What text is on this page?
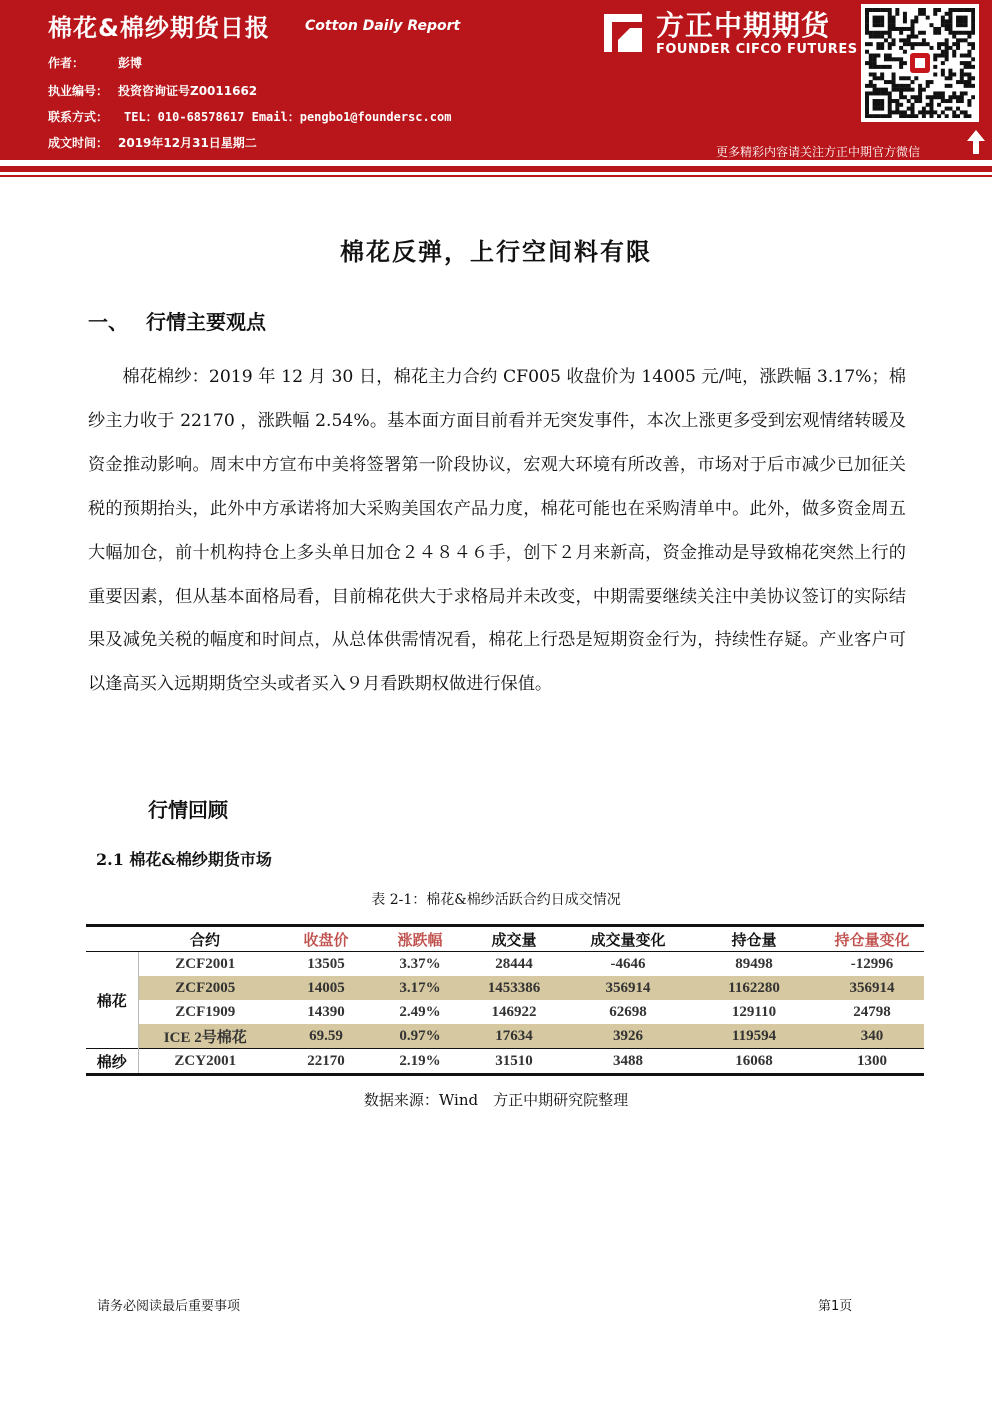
棉花&棉纱期货日报	Cotton Daily Report
作者：	彭博
执业编号： 投资咨询证号Z0011662
联系方式： TEL：010-68578617 Email：pengbo1@foundersc.com
成文时间： 2019年12月31日星期二
方正中期期货
FOUNDER CIFCO FUTURES
更多精彩内容请关注方正中期官方微信
棉花反弹，上行空间料有限
一、 行情主要观点

棉花棉纱：2019 年 12 月 30 日，棉花主力合约 CF005 收盘价为 14005 元/吨，涨跌幅 3.17%；棉纱主力收于 22170 ，涨跌幅 2.54%。基本面方面目前看并无突发事件，本次上涨更多受到宏观情绪转暖及资金推动影响。周末中方宣布中美将签署第一阶段协议，宏观大环境有所改善，市场对于后市减少已加征关税的预期抬头，此外中方承诺将加大采购美国农产品力度，棉花可能也在采购清单中。此外，做多资金周五大幅加仓，前十机构持仓上多头单日加仓２４８４６手，创下２月来新高，资金推动是导致棉花突然上行的重要因素，但从基本面格局看，目前棉花供大于求格局并未改变，中期需要继续关注中美协议签订的实际结果及减免关税的幅度和时间点，从总体供需情况看，棉花上行恐是短期资金行为，持续性存疑。产业客户可以逢高买入远期期货空头或者买入９月看跌期权做进行保值。

行情回顾
2.1 棉花&棉纱期货市场
表 2-1：棉花&棉纱活跃合约日成交情况
	合约	收盘价	涨跌幅	成交量	成交量变化	持仓量	持仓量变化
棉花	ZCF2001	13505	3.37%	28444	-4646	89498	-12996
	ZCF2005	14005	3.17%	1453386	356914	1162280	356914
	ZCF1909	14390	2.49%	146922	62698	129110	24798
	ICE 2号棉花	69.59	0.97%	17634	3926	119594	340
棉纱	ZCY2001	22170	2.19%	31510	3488	16068	1300
数据来源：Wind　方正中期研究院整理
请务必阅读最后重要事项	第1页
